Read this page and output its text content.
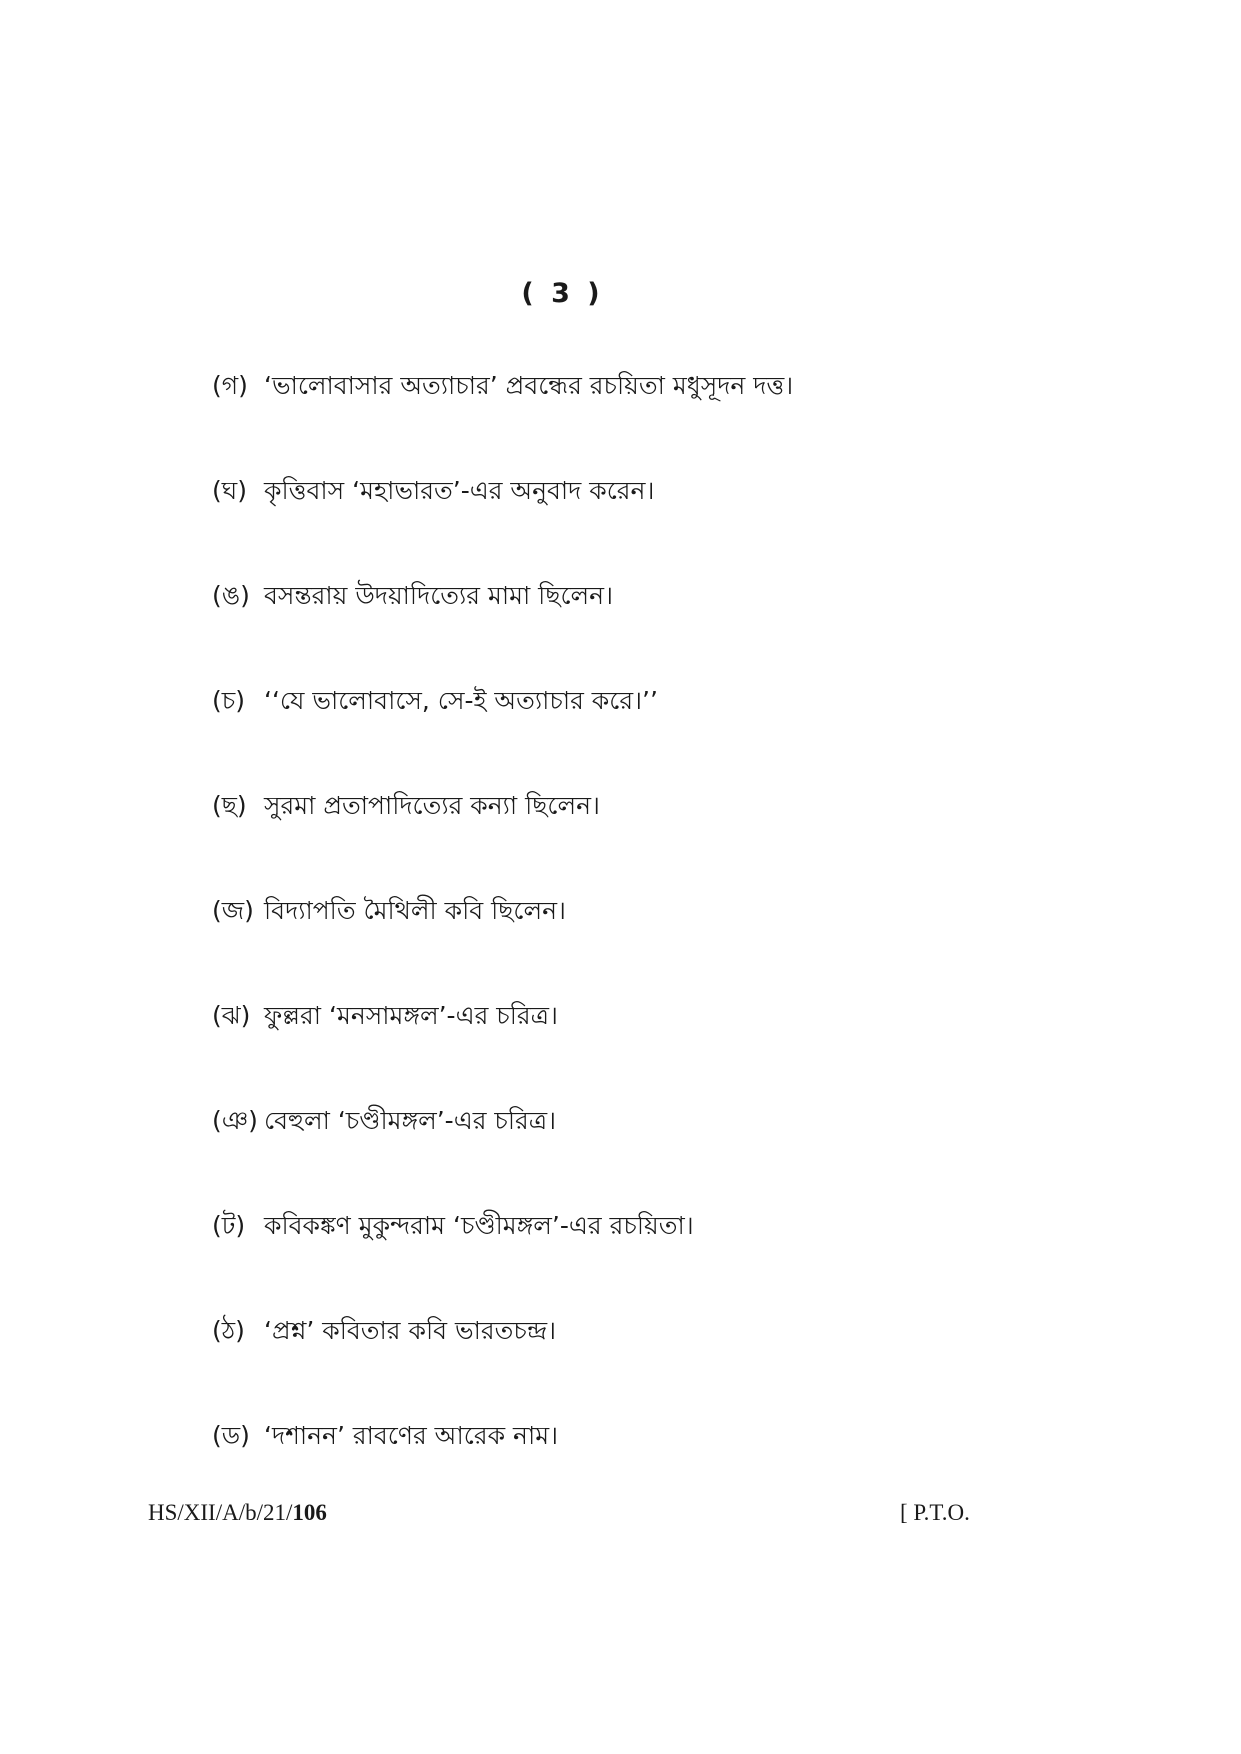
( 3 )
(গ) ‘ভালোবাসার অত্যাচার’ প্রবন্ধের রচয়িতা মধুসূদন দত্ত।
(ঘ) কৃত্তিবাস ‘মহাভারত’-এর অনুবাদ করেন।
(ঙ) বসন্তরায় উদয়াদিত্যের মামা ছিলেন।
(চ) ‘‘যে ভালোবাসে, সে-ই অত্যাচার করে।’’
(ছ) সুরমা প্রতাপাদিত্যের কন্যা ছিলেন।
(জ) বিদ্যাপতি মৈথিলী কবি ছিলেন।
(ঝ) ফুল্লরা ‘মনসামঙ্গল’-এর চরিত্র।
(ঞ) বেহুলা ‘চণ্ডীমঙ্গল’-এর চরিত্র।
(ট) কবিকঙ্কণ মুকুন্দরাম ‘চণ্ডীমঙ্গল’-এর রচয়িতা।
(ঠ) ‘প্রশ্ন’ কবিতার কবি ভারতচন্দ্র।
(ড) ‘দশানন’ রাবণের আরেক নাম।
HS/XII/A/b/21/106	[ P.T.O.
